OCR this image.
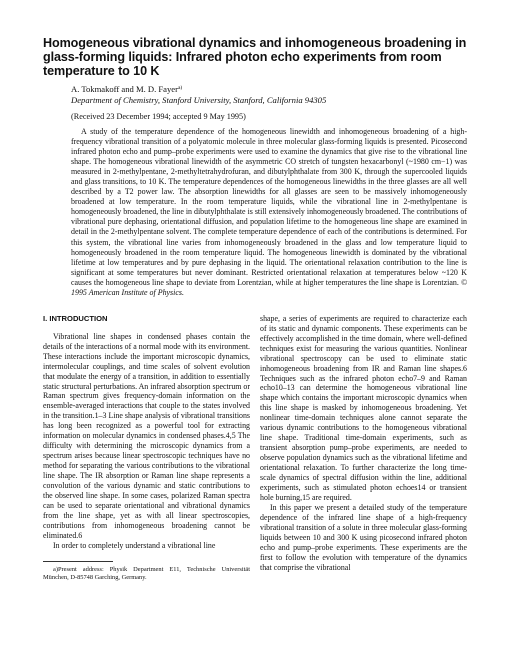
Homogeneous vibrational dynamics and inhomogeneous broadening in glass-forming liquids: Infrared photon echo experiments from room temperature to 10 K
A. Tokmakoff and M. D. Fayer$^{a)}$
Department of Chemistry, Stanford University, Stanford, California 94305
(Received 23 December 1994; accepted 9 May 1995)
A study of the temperature dependence of the homogeneous linewidth and inhomogeneous broadening of a high-frequency vibrational transition of a polyatomic molecule in three molecular glass-forming liquids is presented. Picosecond infrared photon echo and pump–probe experiments were used to examine the dynamics that give rise to the vibrational line shape. The homogeneous vibrational linewidth of the asymmetric CO stretch of tungsten hexacarbonyl (~1980 cm−1) was measured in 2-methylpentane, 2-methyltetrahydrofuran, and dibutylphthalate from 300 K, through the supercooled liquids and glass transitions, to 10 K. The temperature dependences of the homogeneous linewidths in the three glasses are all well described by a T2 power law. The absorption linewidths for all glasses are seen to be massively inhomogeneously broadened at low temperature. In the room temperature liquids, while the vibrational line in 2-methylpentane is homogeneously broadened, the line in dibutylphthalate is still extensively inhomogeneously broadened. The contributions of vibrational pure dephasing, orientational diffusion, and population lifetime to the homogeneous line shape are examined in detail in the 2-methylpentane solvent. The complete temperature dependence of each of the contributions is determined. For this system, the vibrational line varies from inhomogeneously broadened in the glass and low temperature liquid to homogeneously broadened in the room temperature liquid. The homogeneous linewidth is dominated by the vibrational lifetime at low temperatures and by pure dephasing in the liquid. The orientational relaxation contribution to the line is significant at some temperatures but never dominant. Restricted orientational relaxation at temperatures below ~120 K causes the homogeneous line shape to deviate from Lorentzian, while at higher temperatures the line shape is Lorentzian. © 1995 American Institute of Physics.
I. INTRODUCTION

Vibrational line shapes in condensed phases contain the details of the interactions of a normal mode with its environment. These interactions include the important microscopic dynamics, intermolecular couplings, and time scales of solvent evolution that modulate the energy of a transition, in addition to essentially static structural perturbations. An infrared absorption spectrum or Raman spectrum gives frequency-domain information on the ensemble-averaged interactions that couple to the states involved in the transition.1–3 Line shape analysis of vibrational transitions has long been recognized as a powerful tool for extracting information on molecular dynamics in condensed phases.4,5 The difficulty with determining the microscopic dynamics from a spectrum arises because linear spectroscopic techniques have no method for separating the various contributions to the vibrational line shape. The IR absorption or Raman line shape represents a convolution of the various dynamic and static contributions to the observed line shape. In some cases, polarized Raman spectra can be used to separate orientational and vibrational dynamics from the line shape, yet as with all linear spectroscopies, contributions from inhomogeneous broadening cannot be eliminated.6

In order to completely understand a vibrational line

a)Present address: Physik Department E11, Technische Universität München, D-85748 Garching, Germany.

shape, a series of experiments are required to characterize each of its static and dynamic components. These experiments can be effectively accomplished in the time domain, where well-defined techniques exist for measuring the various quantities. Nonlinear vibrational spectroscopy can be used to eliminate static inhomogeneous broadening from IR and Raman line shapes.6 Techniques such as the infrared photon echo7–9 and Raman echo10–13 can determine the homogeneous vibrational line shape which contains the important microscopic dynamics when this line shape is masked by inhomogeneous broadening. Yet nonlinear time-domain techniques alone cannot separate the various dynamic contributions to the homogeneous vibrational line shape. Traditional time-domain experiments, such as transient absorption pump–probe experiments, are needed to observe population dynamics such as the vibrational lifetime and orientational relaxation. To further characterize the long time-scale dynamics of spectral diffusion within the line, additional experiments, such as stimulated photon echoes14 or transient hole burning,15 are required.

In this paper we present a detailed study of the temperature dependence of the infrared line shape of a high-frequency vibrational transition of a solute in three molecular glass-forming liquids between 10 and 300 K using picosecond infrared photon echo and pump–probe experiments. These experiments are the first to follow the evolution with temperature of the dynamics that comprise the vibrational
